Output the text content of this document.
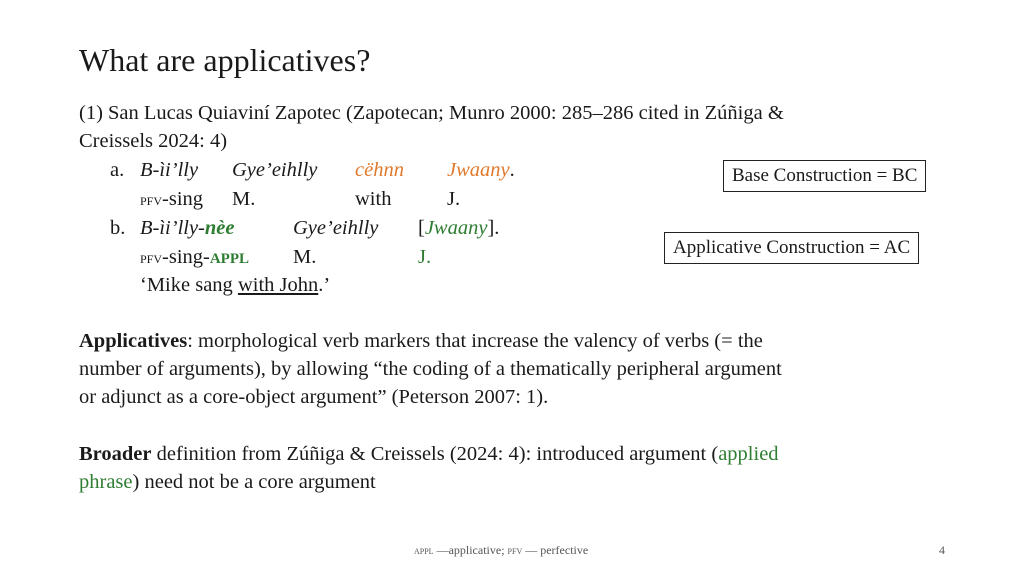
What are applicatives?
(1) San Lucas Quiaviní Zapotec (Zapotecan; Munro 2000: 285–286 cited in Zúñiga &
Creissels 2024: 4)
a. B-ìi’lly Gye’eihlly cëhnn Jwaany.
pfv-sing M.	with	J.
b. B-ìi’lly-nèe	Gye’eihlly [Jwaany].
pfv-sing-APPL M.	J.
‘Mike sang with John.’
Base Construction = BC
Applicative Construction = AC
Applicatives: morphological verb markers that increase the valency of verbs (= the
number of arguments), by allowing “the coding of a thematically peripheral argument
or adjunct as a core-object argument” (Peterson 2007: 1).
Broader definition from Zúñiga & Creissels (2024: 4): introduced argument (applied
phrase) need not be a core argument
appl —applicative; pfv — perfective	4
